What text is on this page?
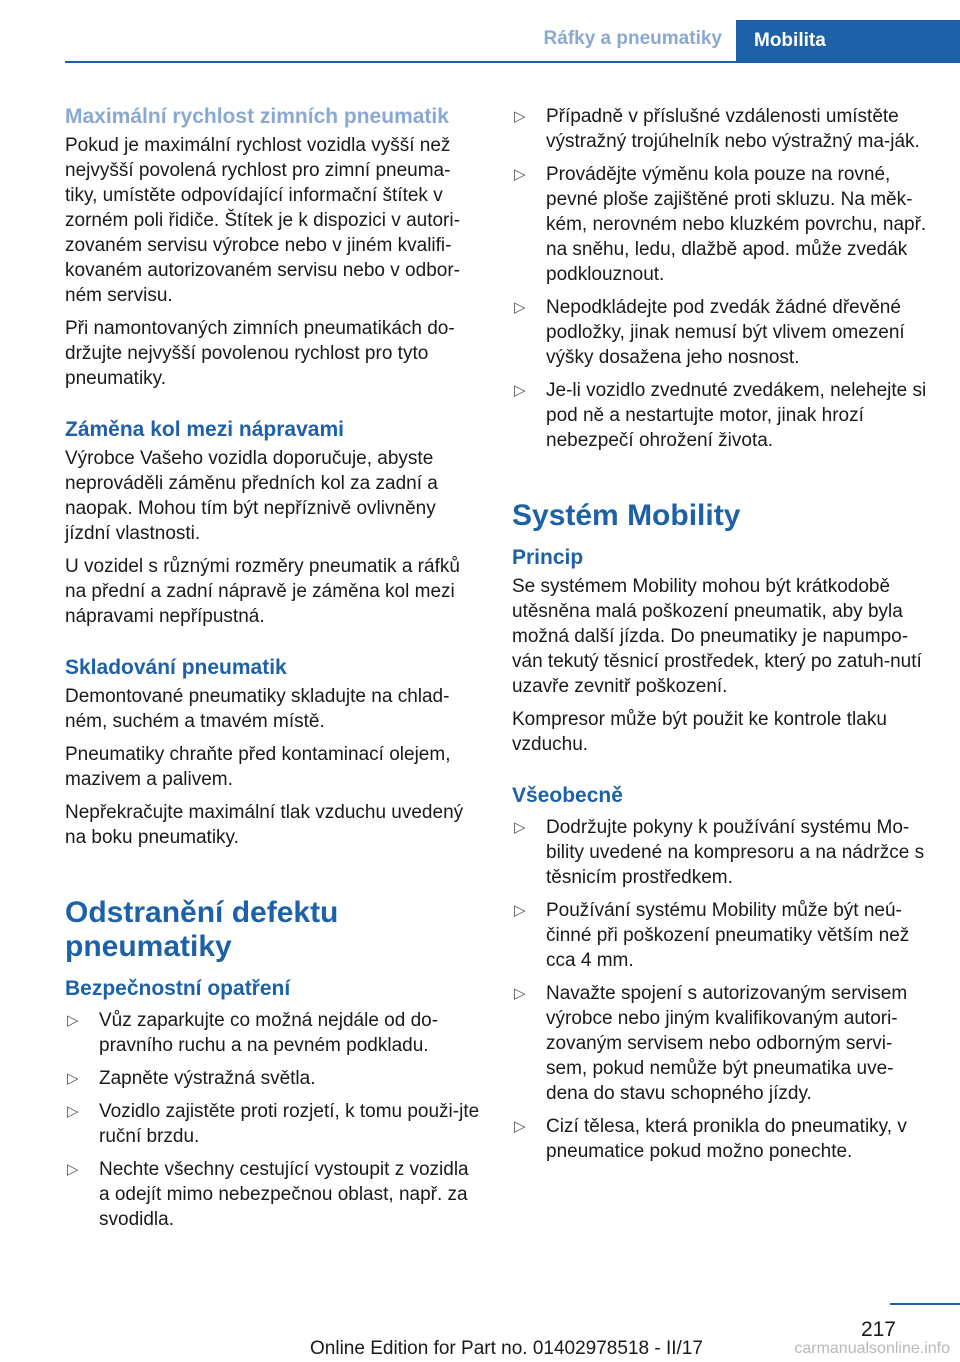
Ráfky a pneumatiky	Mobilita
Maximální rychlost zimních pneumatik

Pokud je maximální rychlost vozidla vyšší než nejvyšší povolená rychlost pro zimní pneuma-tiky, umístěte odpovídající informační štítek v zorném poli řidiče. Štítek je k dispozici v autori-zovaném servisu výrobce nebo v jiném kvalifi-kovaném autorizovaném servisu nebo v odbor-ném servisu.

Při namontovaných zimních pneumatikách do-držujte nejvyšší povolenou rychlost pro tyto pneumatiky.

Záměna kol mezi nápravami

Výrobce Vašeho vozidla doporučuje, abyste neprováděli záměnu předních kol za zadní a naopak. Mohou tím být nepříznivě ovlivněny jízdní vlastnosti.

U vozidel s různými rozměry pneumatik a ráfků na přední a zadní nápravě je záměna kol mezi nápravami nepřípustná.

Skladování pneumatik

Demontované pneumatiky skladujte na chlad-ném, suchém a tmavém místě.

Pneumatiky chraňte před kontaminací olejem, mazivem a palivem.

Nepřekračujte maximální tlak vzduchu uvedený na boku pneumatiky.

Odstranění defektu pneumatiky
Bezpečnostní opatření
▷ Vůz zaparkujte co možná nejdále od do-pravního ruchu a na pevném podkladu.
▷ Zapněte výstražná světla.
▷ Vozidlo zajistěte proti rozjetí, k tomu použi-jte ruční brzdu.
▷ Nechte všechny cestující vystoupit z vozidla a odejít mimo nebezpečnou oblast, např. za svodidla.
▷ Případně v příslušné vzdálenosti umístěte výstražný trojúhelník nebo výstražný ma-ják.
▷ Provádějte výměnu kola pouze na rovné, pevné ploše zajištěné proti skluzu. Na měk-kém, nerovném nebo kluzkém povrchu, např. na sněhu, ledu, dlažbě apod. může zvedák podklouznout.
▷ Nepodkládejte pod zvedák žádné dřevěné podložky, jinak nemusí být vlivem omezení výšky dosažena jeho nosnost.
▷ Je-li vozidlo zvednuté zvedákem, nelehejte si pod ně a nestartujte motor, jinak hrozí nebezpečí ohrožení života.
Systém Mobility
Princip

Se systémem Mobility mohou být krátkodobě utěsněna malá poškození pneumatik, aby byla možná další jízda. Do pneumatiky je napumpo-ván tekutý těsnicí prostředek, který po zatuh-nutí uzavře zevnitř poškození.

Kompresor může být použit ke kontrole tlaku vzduchu.

Všeobecně
▷ Dodržujte pokyny k používání systému Mo-bility uvedené na kompresoru a na nádržce s těsnicím prostředkem.
▷ Používání systému Mobility může být neú-činné při poškození pneumatiky větším než cca 4 mm.
▷ Navažte spojení s autorizovaným servisem výrobce nebo jiným kvalifikovaným autori-zovaným servisem nebo odborným servi-sem, pokud nemůže být pneumatika uve-dena do stavu schopného jízdy.
▷ Cizí tělesa, která pronikla do pneumatiky, v pneumatice pokud možno ponechte.
217
Online Edition for Part no. 01402978518 - II/17	carmanualsonline.info
